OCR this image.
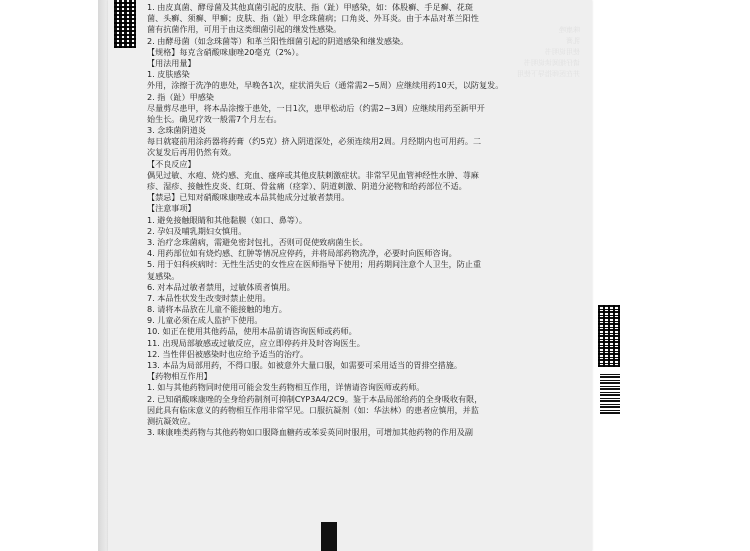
1. 由皮真菌、酵母菌及其他真菌引起的皮肤、指（趾）甲感染，如：体股癣、手足癣、花斑
菌、头癣、须癣、甲癣；皮肤、指（趾）甲念珠菌病；口角炎、外耳炎。由于本品对革兰阳性
菌有抗菌作用，可用于由这类细菌引起的继发性感染。
2. 由酵母菌（如念珠菌等）和革兰阳性细菌引起的阴道感染和继发感染。
【规格】每克含硝酸咪康唑20毫克（2%）。
【用法用量】
1. 皮肤感染
外用，涂擦于洗净的患处，早晚各1次，症状消失后（通常需2~5周）应继续用药10天，以防复发。
2. 指（趾）甲感染
尽量剪尽患甲，将本品涂擦于患处，一日1次，患甲松动后（约需2~3周）应继续用药至新甲开
始生长。确见疗效一般需7个月左右。
3. 念珠菌阴道炎
每日就寝前用涂药器将药膏（约5克）挤入阴道深处，必须连续用2周。月经期内也可用药。二
次复发后再用仍然有效。
【不良反应】
偶见过敏、水疱、烧灼感、充血、瘙痒或其他皮肤刺激症状。非常罕见血管神经性水肿、荨麻
疹、湿疹、接触性皮炎、红斑、骨盆痛（痉挛）、阴道刺激、阴道分泌物和给药部位不适。
【禁忌】已知对硝酸咪康唑或本品其他成分过敏者禁用。
【注意事项】
1. 避免接触眼睛和其他黏膜（如口、鼻等）。
2. 孕妇及哺乳期妇女慎用。
3. 治疗念珠菌病，需避免密封包扎，否则可促使致病菌生长。
4. 用药部位如有烧灼感、红肿等情况应停药，并将局部药物洗净，必要时向医师咨询。
5. 用于妇科疾病时：无性生活史的女性应在医师指导下使用；用药期间注意个人卫生，防止重
复感染。
6. 对本品过敏者禁用，过敏体质者慎用。
7. 本品性状发生改变时禁止使用。
8. 请将本品放在儿童不能接触的地方。
9. 儿童必须在成人监护下使用。
10. 如正在使用其他药品，使用本品前请咨询医师或药师。
11. 出现局部敏感或过敏反应，应立即停药并及时咨询医生。
12. 当性伴侣被感染时也应给予适当的治疗。
13. 本品为局部用药，不得口服。如被意外大量口服，如需要可采用适当的胃排空措施。
【药物相互作用】
1. 如与其他药物同时使用可能会发生药物相互作用，详情请咨询医师或药师。
2. 已知硝酸咪康唑的全身给药制剂可抑制CYP3A4/2C9。鉴于本品局部给药的全身吸收有限，
因此具有临床意义的药物相互作用非常罕见。口服抗凝剂（如：华法林）的患者应慎用，并监
测抗凝效应。
3. 咪康唑类药物与其他药物如口服降血糖药或苯妥英同时服用，可增加其他药物的作用及副
